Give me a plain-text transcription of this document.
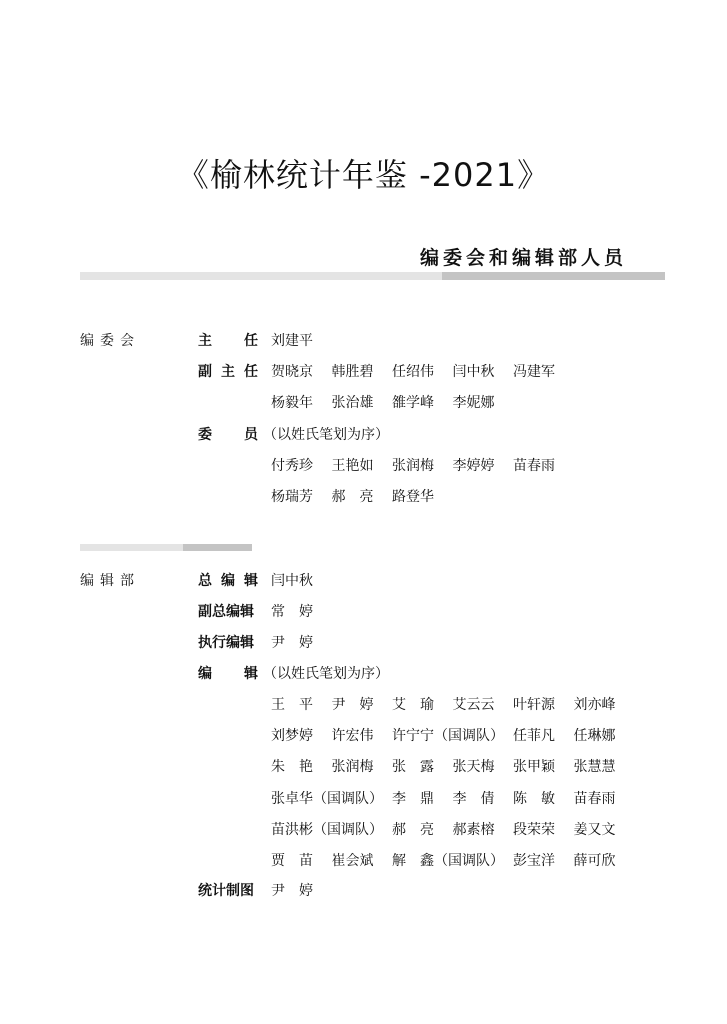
《榆林统计年鉴 -2021》
编委会和编辑部人员
编委会	主 任 刘建平
副 主 任 贺晓京	韩胜碧	任绍伟	闫中秋	冯建军
杨毅年	张治雄	雒学峰	李妮娜
委 员 （以姓氏笔划为序）
付秀珍	王艳如	张润梅	李婷婷	苗春雨
杨瑞芳	郝　亮	路登华
编辑部	总 编 辑 闫中秋
副总编辑 常　婷
执行编辑 尹　婷
编 辑 （以姓氏笔划为序）
王　平	尹　婷	艾　瑜	艾云云	叶轩源	刘亦峰
刘梦婷	许宏伟	许宁宁（国调队） 任菲凡	任琳娜
朱　艳	张润梅	张　露	张天梅	张甲颖	张慧慧
张卓华（国调队） 李　鼎	李　倩	陈　敏	苗春雨
苗洪彬（国调队） 郝　亮	郝素榕	段荣荣	姜又文
贾　苗	崔会斌	解　鑫（国调队） 彭宝洋	薛可欣
统计制图 尹　婷
